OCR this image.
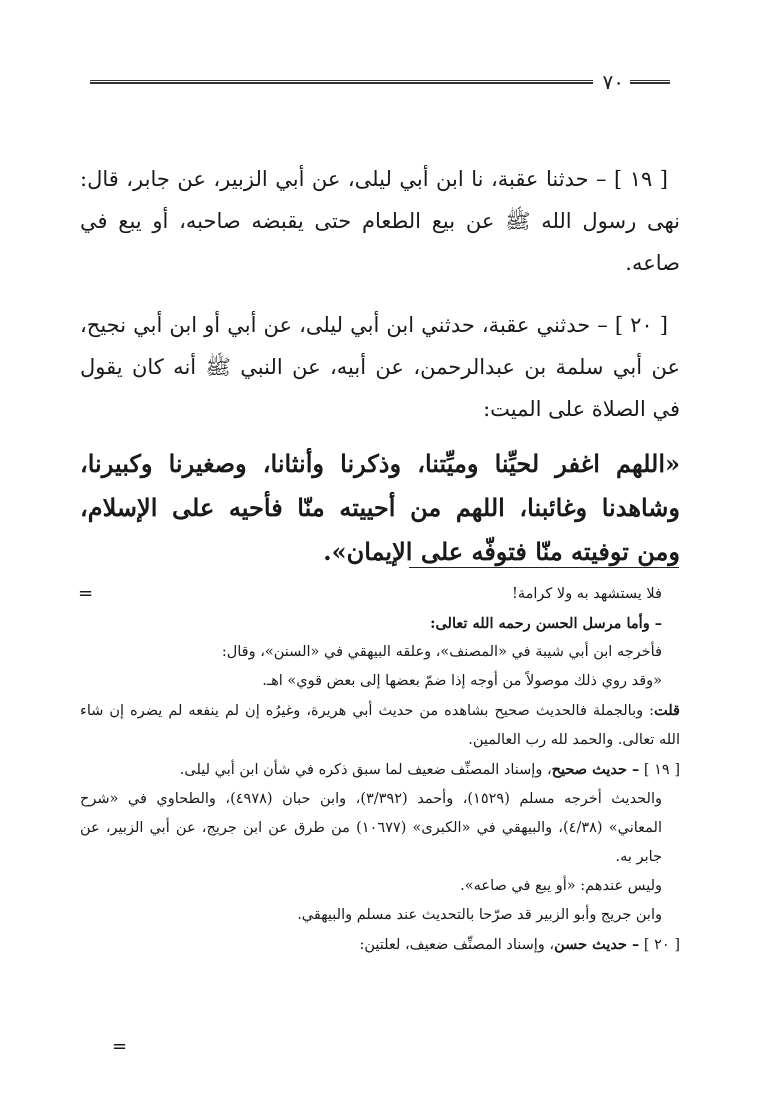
٧٠

[ ١٩ ] – حدثنا عقبة، نا ابن أبي ليلى، عن أبي الزبير، عن جابر، قال: نهى رسول الله ﷺ عن بيع الطعام حتى يقبضه صاحبه، أو يبع في صاعه.

[ ٢٠ ] – حدثني عقبة، حدثني ابن أبي ليلى، عن أبي أو ابن أبي نجيح، عن أبي سلمة بن عبدالرحمن، عن أبيه، عن النبي ﷺ أنه كان يقول في الصلاة على الميت:

«اللهم اغفر لحيِّنا وميِّتنا، وذكرنا وأنثانا، وصغيرنا وكبيرنا، وشاهدنا وغائبنا، اللهم من أحييته منّا فأحيه على الإسلام، ومن توفيته منّا فتوفّه على الإيمان».

=
=

فلا يستشهد به ولا كرامة!

– وأما مرسل الحسن رحمه الله تعالى:

فأخرجه ابن أبي شيبة في «المصنف»، وعلقه البيهقي في «السنن»، وقال:

«وقد روي ذلك موصولاً من أوجه إذا ضمّ بعضها إلى بعض قوي» اهـ.

قلت: وبالجملة فالحديث صحيح بشاهده من حديث أبي هريرة، وغيرُه إن لم ينفعه لم يضره إن شاء الله تعالى. والحمد لله رب العالمين.

[ ١٩ ] – حديث صحيح، وإسناد المصنِّف ضعيف لما سبق ذكره في شأن ابن أبي ليلى.

والحديث أخرجه مسلم (١٥٢٩)، وأحمد (٣/٣٩٢)، وابن حبان (٤٩٧٨)، والطحاوي في «شرح المعاني» (٤/٣٨)، والبيهقي في «الكبرى» (١٠٦٧٧) من طرق عن ابن جريج، عن أبي الزبير، عن جابر به.

وليس عندهم: «أو يبع في صاعه».

وابن جريج وأبو الزبير قد صرّحا بالتحديث عند مسلم والبيهقي.

[ ٢٠ ] – حديث حسن، وإسناد المصنِّف ضعيف، لعلتين:
